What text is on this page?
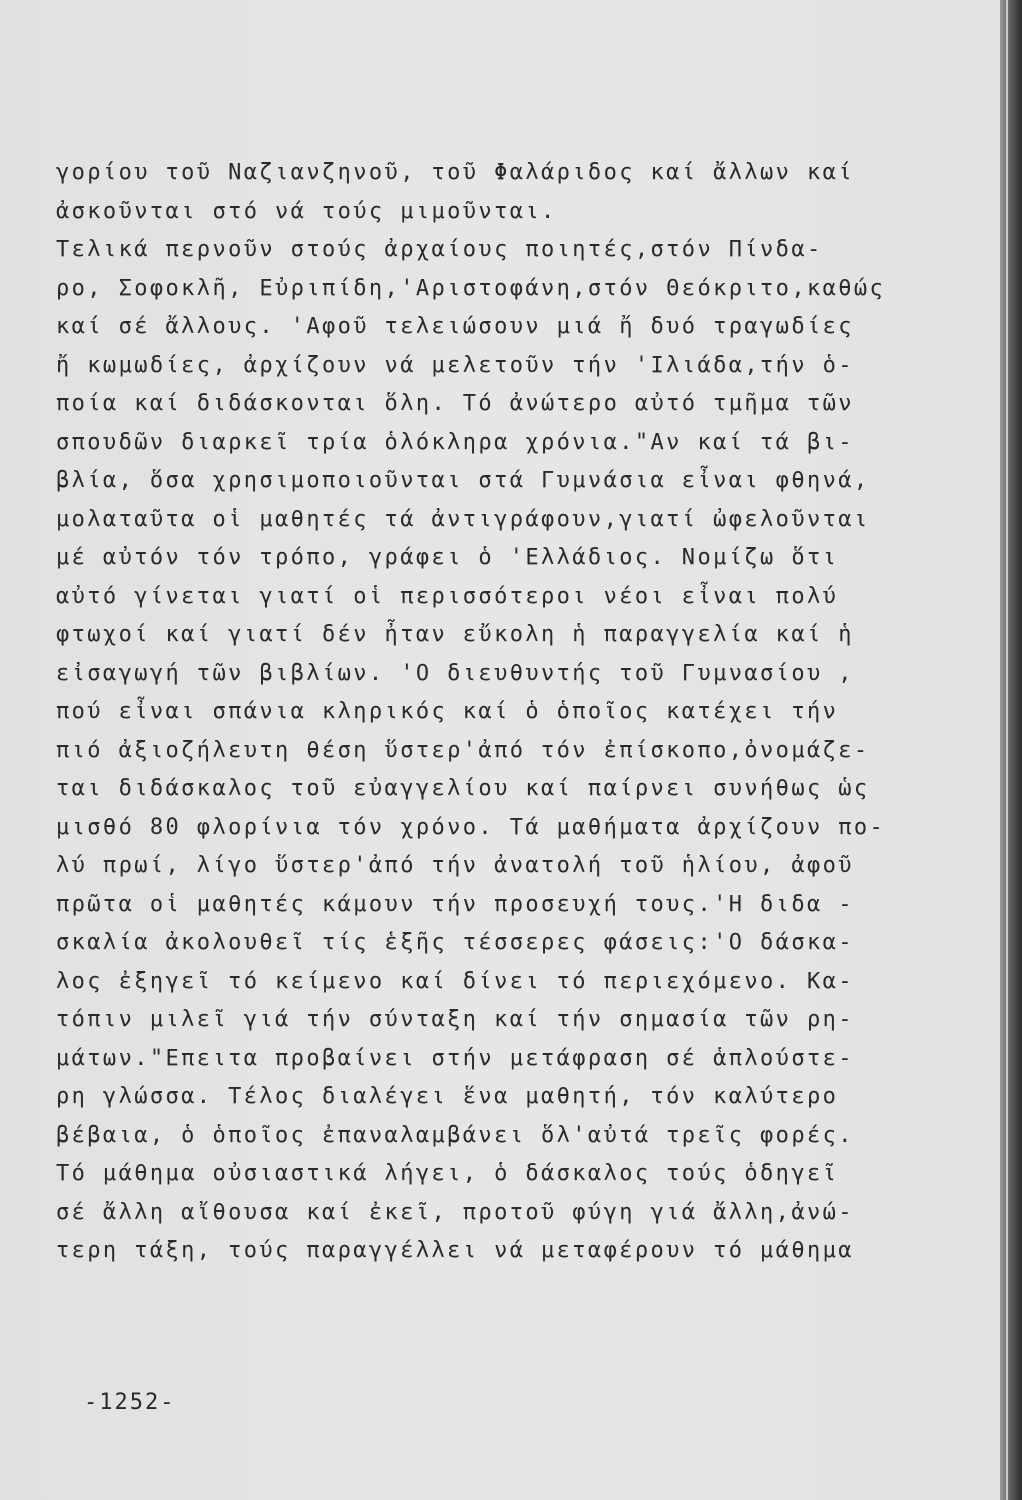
γορίου τοῦ Ναζιανζηνοῦ, τοῦ Φαλάριδος καί ἄλλων καί
ἀσκοῦνται στό νά τούς μιμοῦνται.
Τελικά περνοῦν στούς ἀρχαίους ποιητές,στόν Πίνδα-
ρο, Σοφοκλῆ, Εὐριπίδη,'Αριστοφάνη,στόν Θεόκριτο,καθώς
καί σέ ἄλλους. 'Αφοῦ τελειώσουν μιά ἤ δυό τραγωδίες
ἤ κωμωδίες, ἀρχίζουν νά μελετοῦν τήν 'Ιλιάδα,τήν ὁ-
ποία καί διδάσκονται ὅλη. Τό ἀνώτερο αὐτό τμῆμα τῶν
σπουδῶν διαρκεῖ τρία ὁλόκληρα χρόνια."Αν καί τά βι-
βλία, ὅσα χρησιμοποιοῦνται στά Γυμνάσια εἶναι φθηνά,
μολαταῦτα οἱ μαθητές τά ἀντιγράφουν,γιατί ὠφελοῦνται
μέ αὐτόν τόν τρόπο, γράφει ὁ 'Ελλάδιος. Νομίζω ὅτι
αὐτό γίνεται γιατί οἱ περισσότεροι νέοι εἶναι πολύ
φτωχοί καί γιατί δέν ἦταν εὔκολη ἡ παραγγελία καί ἡ
εἰσαγωγή τῶν βιβλίων. 'Ο διευθυντής τοῦ Γυμνασίου ,
πού εἶναι σπάνια κληρικός καί ὁ ὁποῖος κατέχει τήν
πιό ἀξιοζήλευτη θέση ὕστερ'ἀπό τόν ἐπίσκοπο,ὀνομάζε-
ται διδάσκαλος τοῦ εὐαγγελίου καί παίρνει συνήθως ὡς
μισθό 80 φλορίνια τόν χρόνο. Τά μαθήματα ἀρχίζουν πο-
λύ πρωί, λίγο ὕστερ'ἀπό τήν ἀνατολή τοῦ ἡλίου, ἀφοῦ
πρῶτα οἱ μαθητές κάμουν τήν προσευχή τους.'Η διδα -
σκαλία ἀκολουθεῖ τίς ἑξῆς τέσσερες φάσεις:'Ο δάσκα-
λος ἐξηγεῖ τό κείμενο καί δίνει τό περιεχόμενο. Κα-
τόπιν μιλεῖ γιά τήν σύνταξη καί τήν σημασία τῶν ρη-
μάτων."Επειτα προβαίνει στήν μετάφραση σέ ἁπλούστε-
ρη γλώσσα. Τέλος διαλέγει ἕνα μαθητή, τόν καλύτερο
βέβαια, ὁ ὁποῖος ἐπαναλαμβάνει ὅλ'αὐτά τρεῖς φορές.
Τό μάθημα οὐσιαστικά λήγει, ὁ δάσκαλος τούς ὁδηγεῖ
σέ ἄλλη αἴθουσα καί ἐκεῖ, προτοῦ φύγη γιά ἄλλη,ἀνώ-
τερη τάξη, τούς παραγγέλλει νά μεταφέρουν τό μάθημα
-1252-
